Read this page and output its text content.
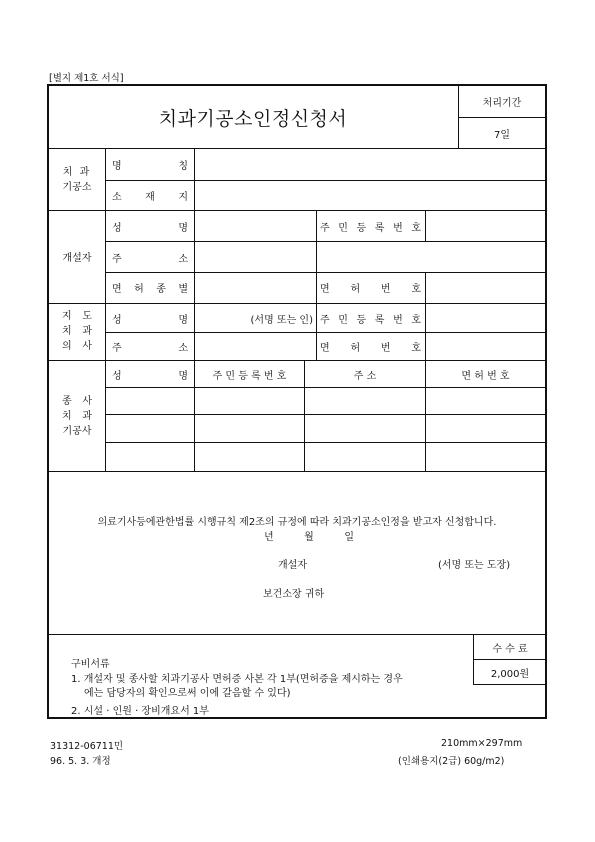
[별지 제1호 서식]
치과기공소인정신청서
처리기간
7일
치 과
기공소
명	칭
소 재 지
개설자
성	명	주 민 등 록 번 호
주	소
면 허 종 별	면 허 번 호
지 도
치 과
의 사
성	명	(서명 또는 인) 주 민 등 록 번 호
주	소	면 허 번 호
종 사
치 과
기공사
성	명	주 민 등 록 번 호	주 소	면 허 번 호
의료기사등에관한법률 시행규칙 제2조의 규정에 따라 치과기공소인정을 받고자 신청합니다.
년	월	일
개설자	(서명 또는 도장)
보건소장 귀하
구비서류
1. 개설자 및 종사할 치과기공사 면허증 사본 각 1부(면허증을 제시하는 경우
에는 담당자의 확인으로써 이에 갈음할 수 있다)
2. 시설 · 인원 · 장비개요서 1부
수 수 료
2,000원
31312-06711민
96. 5. 3. 개정
210mm×297mm
(인쇄용지(2급) 60g/m2)
